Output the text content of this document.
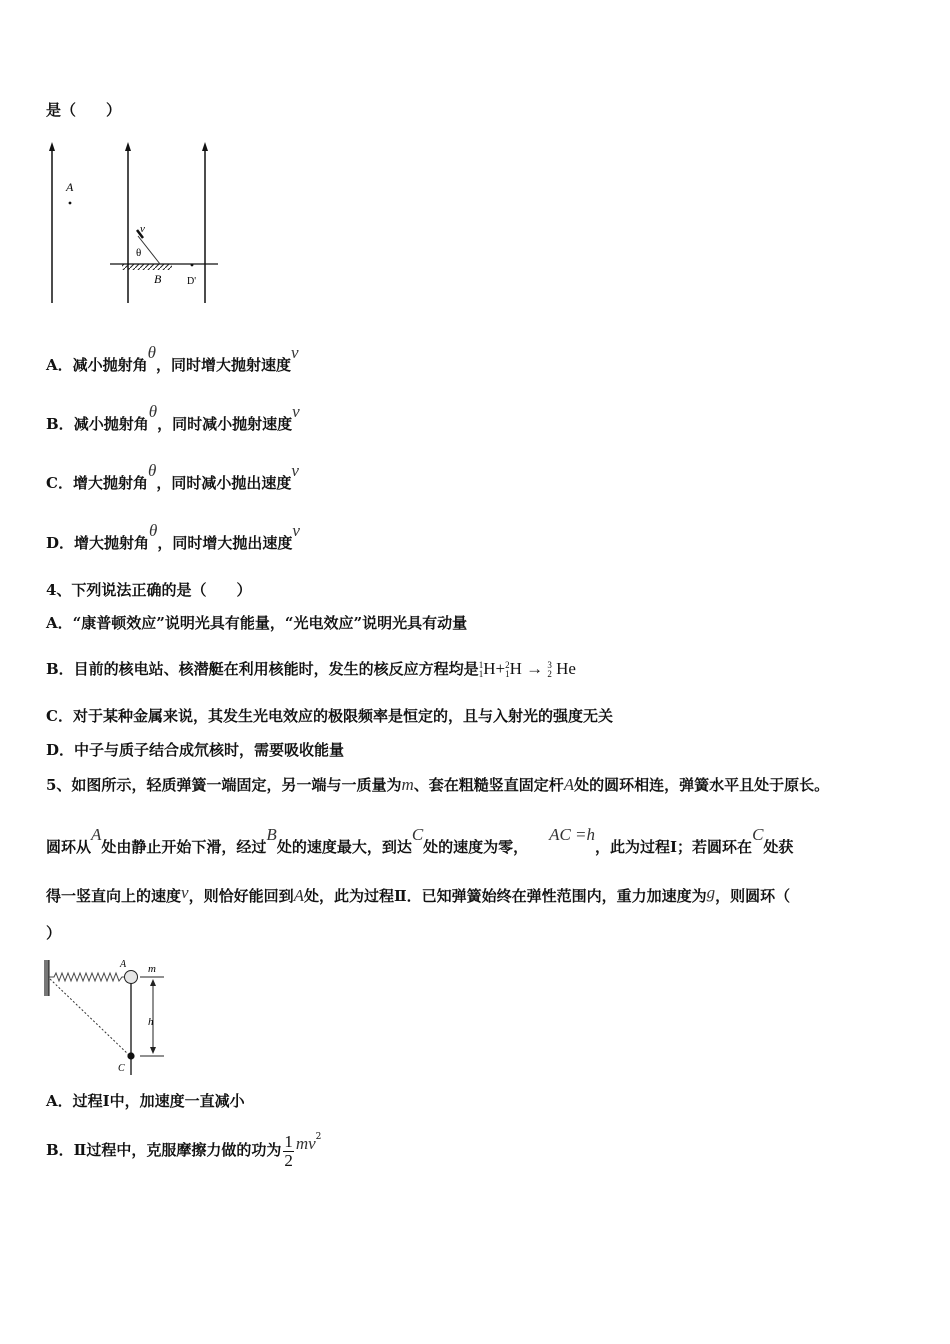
是（　　）
A
v
θ
B	D'
A．减小抛射角θ，同时增大抛射速度v
B．减小抛射角θ，同时减小抛射速度v
C．增大抛射角θ，同时减小抛出速度v
D．增大抛射角θ，同时增大抛出速度v
4、下列说法正确的是（　　）
A．“康普顿效应”说明光具有能量，“光电效应”说明光具有动量
B．目前的核电站、核潜艇在利用核能时，发生的核反应方程均是1
1H+2
1H → 3
2 He
C．对于某种金属来说，其发生光电效应的极限频率是恒定的，且与入射光的强度无关
D．中子与质子结合成氘核时，需要吸收能量
5、如图所示，轻质弹簧一端固定，另一端与一质量为m、套在粗糙竖直固定杆A处的圆环相连，弹簧水平且处于原长。
圆环从A处由静止开始下滑，经过B处的速度最大，到达C处的速度为零，    AC =h，此为过程Ⅰ；若圆环在C处获
得一竖直向上的速度v，则恰好能回到A处，此为过程Ⅱ．已知弹簧始终在弹性范围内，重力加速度为g，则圆环（
）
A m
h
C
A．过程Ⅰ中，加速度一直减小
B．Ⅱ过程中，克服摩擦力做的功为 $\frac{1}{2} mv^2$
